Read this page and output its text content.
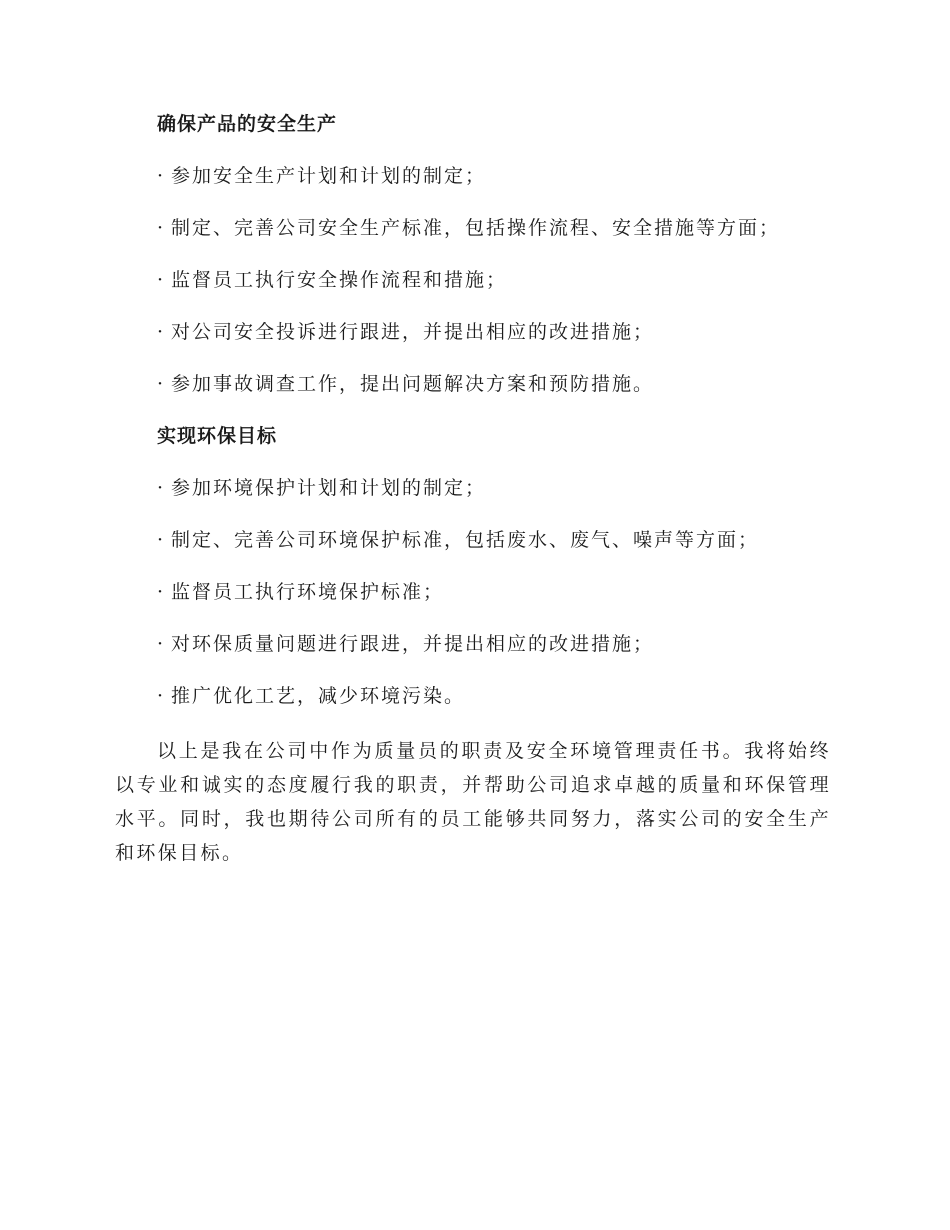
确保产品的安全生产
· 参加安全生产计划和计划的制定；
· 制定、完善公司安全生产标准，包括操作流程、安全措施等方面；
· 监督员工执行安全操作流程和措施；
· 对公司安全投诉进行跟进，并提出相应的改进措施；
· 参加事故调查工作，提出问题解决方案和预防措施。
实现环保目标
· 参加环境保护计划和计划的制定；
· 制定、完善公司环境保护标准，包括废水、废气、噪声等方面；
· 监督员工执行环境保护标准；
· 对环保质量问题进行跟进，并提出相应的改进措施；
· 推广优化工艺，减少环境污染。

以上是我在公司中作为质量员的职责及安全环境管理责任书。我将始终以专业和诚实的态度履行我的职责，并帮助公司追求卓越的质量和环保管理水平。同时，我也期待公司所有的员工能够共同努力，落实公司的安全生产和环保目标。
